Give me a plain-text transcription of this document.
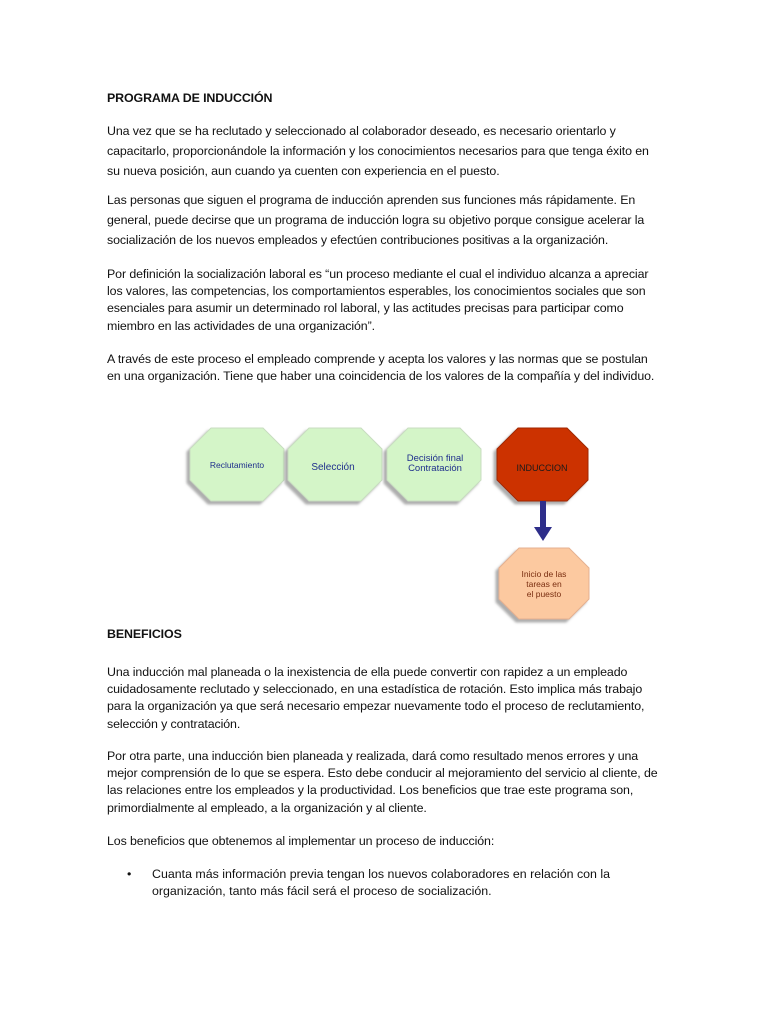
PROGRAMA DE INDUCCIÓN
Una vez que se ha reclutado y seleccionado al colaborador deseado, es necesario orientarlo y capacitarlo, proporcionándole la información y los conocimientos necesarios para que tenga éxito en su nueva posición, aun cuando ya cuenten con experiencia en el puesto.
Las personas que siguen el programa de inducción aprenden sus funciones más rápidamente. En general, puede decirse que un programa de inducción logra su objetivo porque consigue acelerar la socialización de los nuevos empleados y efectúen contribuciones positivas a la organización.
Por definición la socialización laboral es “un proceso mediante el cual el individuo alcanza a apreciar los valores, las competencias, los comportamientos esperables, los conocimientos sociales que son esenciales para asumir un determinado rol laboral, y las actitudes precisas para participar como miembro en las actividades de una organización”.
A través de este proceso el empleado comprende y acepta los valores y las normas que se postulan en una organización. Tiene que haber una coincidencia de los valores de la compañía y del individuo.
Reclutamiento	Selección
Decisión final
Contratación	INDUCCION
Inicio de las
tareas en
el puesto
BENEFICIOS
Una inducción mal planeada o la inexistencia de ella puede convertir con rapidez a un empleado cuidadosamente reclutado y seleccionado, en una estadística de rotación. Esto implica más trabajo para la organización ya que será necesario empezar nuevamente todo el proceso de reclutamiento, selección y contratación.
Por otra parte, una inducción bien planeada y realizada, dará como resultado menos errores y una mejor comprensión de lo que se espera. Esto debe conducir al mejoramiento del servicio al cliente, de las relaciones entre los empleados y la productividad. Los beneficios que trae este programa son, primordialmente al empleado, a la organización y al cliente.
Los beneficios que obtenemos al implementar un proceso de inducción:
• Cuanta más información previa tengan los nuevos colaboradores en relación con la organización, tanto más fácil será el proceso de socialización.
